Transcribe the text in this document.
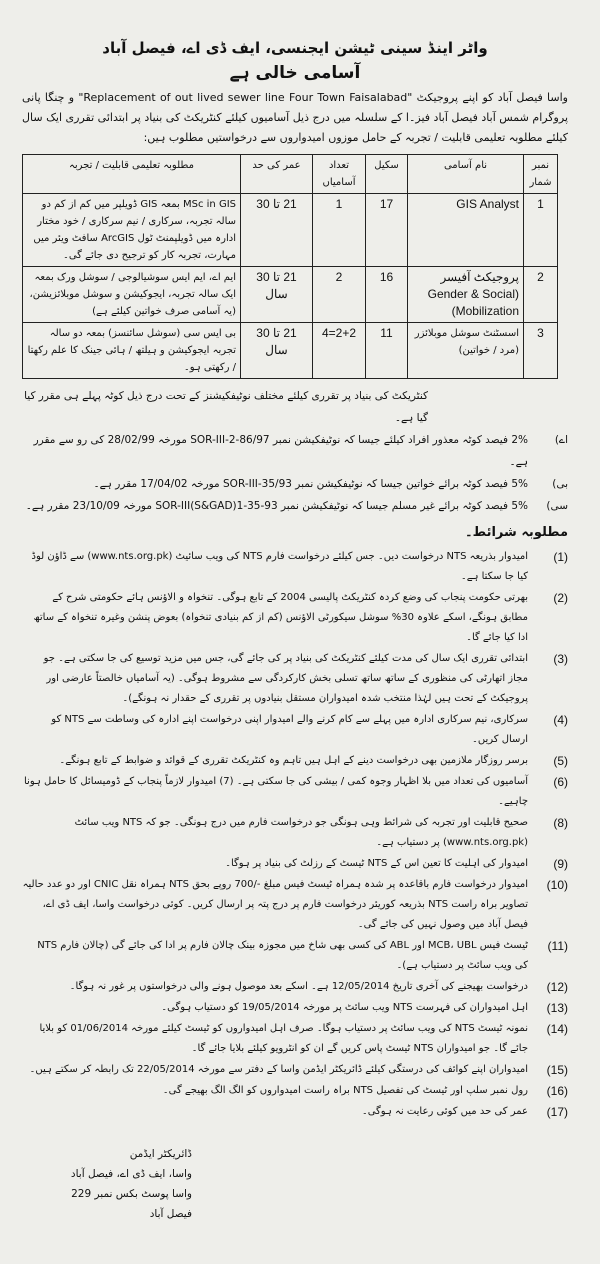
واٹر اینڈ سینی ٹیشن ایجنسی، ایف ڈی اے، فیصل آباد
آسامی خالی ہے
واسا فیصل آباد کو اپنے پروجیکٹ "Replacement of out lived sewer line Four Town Faisalabad" و چنگا پانی پروگرام شمس آباد فیصل آباد فیز۔ا کے سلسلہ میں درج ذیل آسامیوں کیلئے کنٹریکٹ کی بنیاد پر ابتدائی تقرری ایک سال کیلئے مطلوبہ تعلیمی قابلیت / تجربہ کے حامل موزوں امیدواروں سے درخواستیں مطلوب ہیں:
نمبر شمار	نام آسامی	سکیل	تعداد آسامیاں	عمر کی حد	مطلوبہ تعلیمی قابلیت / تجربہ
1	GIS Analyst	17	1	21 تا 30	MSc in GIS بمعہ GIS ڈویلپر میں کم از کم دو سالہ تجربہ، سرکاری / نیم سرکاری / خود مختار ادارہ میں ڈویلپمنٹ ٹول ArcGIS سافٹ ویئر میں مہارت، تجربہ کار کو ترجیح دی جائے گی۔
2	پروجیکٹ آفیسر (Gender & Social Mobilization)	16	2	21 تا 30 سال	ایم اے، ایم ایس سوشیالوجی / سوشل ورک بمعہ ایک سالہ تجربہ، ایجوکیشن و سوشل موبلائزیشن، (یہ آسامی صرف خواتین کیلئے ہے)
3	اسسٹنٹ سوشل موبلائزر (مرد / خواتین)	11	2+2=4	21 تا 30 سال	بی ایس سی (سوشل سائنسز) بمعہ دو سالہ تجربہ ایجوکیشن و ہیلتھ / ہائی جینک کا علم رکھتا / رکھتی ہو۔
کنٹریکٹ کی بنیاد پر تقرری کیلئے مختلف نوٹیفکیشنز کے تحت درج ذیل کوٹہ پہلے ہی مقرر کیا گیا ہے۔
اے)
2% فیصد کوٹہ معذور افراد کیلئے جیسا کہ نوٹیفکیشن نمبر SOR-III-2-86/97 مورخہ 28/02/99 کی رو سے مقرر ہے۔
بی)
5% فیصد کوٹہ برائے خواتین جیسا کہ نوٹیفکیشن نمبر SOR-III-35/93 مورخہ 17/04/02 مقرر ہے۔
سی)
5% فیصد کوٹہ برائے غیر مسلم جیسا کہ نوٹیفکیشن نمبر SOR-III(S&GAD)1-35-93 مورخہ 23/10/09 مقرر ہے۔
مطلوبہ شرائط۔
(1)
امیدوار بذریعہ NTS درخواست دیں۔ جس کیلئے درخواست فارم NTS کی ویب سائیٹ (www.nts.org.pk) سے ڈاؤن لوڈ کیا جا سکتا ہے۔
(2)
بھرتی حکومت پنجاب کی وضع کردہ کنٹریکٹ پالیسی 2004 کے تابع ہوگی۔ تنخواہ و الاؤنس ہائے حکومتی شرح کے مطابق ہونگے، اسکے علاوہ 30% سوشل سیکورٹی الاؤنس (کم از کم بنیادی تنخواہ) بعوض پنشن وغیرہ تنخواہ کے ساتھ ادا کیا جائے گا۔
(3)
ابتدائی تقرری ایک سال کی مدت کیلئے کنٹریکٹ کی بنیاد پر کی جائے گی، جس میں مزید توسیع کی جا سکتی ہے۔ جو مجاز اتھارٹی کی منظوری کے ساتھ ساتھ تسلی بخش کارکردگی سے مشروط ہوگی۔ (یہ آسامیاں خالصتاً عارضی اور پروجیکٹ کے تحت ہیں لہٰذا منتخب شدہ امیدواران مستقل بنیادوں پر تقرری کے حقدار نہ ہونگے)۔
(4)
سرکاری، نیم سرکاری ادارہ میں پہلے سے کام کرنے والے امیدوار اپنی درخواست اپنے ادارہ کی وساطت سے NTS کو ارسال کریں۔
(5)
برسر روزگار ملازمین بھی درخواست دینے کے اہل ہیں تاہم وہ کنٹریکٹ تقرری کے قوائد و ضوابط کے تابع ہونگے۔
(6)
آسامیوں کی تعداد میں بلا اظہار وجوہ کمی / بیشی کی جا سکتی ہے۔ (7) امیدوار لازماً پنجاب کے ڈومیسائل کا حامل ہونا چاہیے۔
(8)
صحیح قابلیت اور تجربہ کی شرائط وہی ہونگی جو درخواست فارم میں درج ہونگی۔ جو کہ NTS ویب سائٹ (www.nts.org.pk) پر دستیاب ہے۔
(9)
امیدوار کی اہلیت کا تعین اس کے NTS ٹیسٹ کے رزلٹ کی بنیاد پر ہوگا۔
(10)
امیدوار درخواست فارم باقاعدہ پر شدہ ہمراہ ٹیسٹ فیس مبلغ -/700 روپے بحق NTS ہمراہ نقل CNIC اور دو عدد حالیہ تصاویر براہ راست NTS بذریعہ کوریئر درخواست فارم پر درج پتہ پر ارسال کریں۔ کوئی درخواست واسا، ایف ڈی اے، فیصل آباد میں وصول نہیں کی جائے گی۔
(11)
ٹیسٹ فیس MCB، UBL اور ABL کی کسی بھی شاخ میں مجوزہ بینک چالان فارم پر ادا کی جائے گی (چالان فارم NTS کی ویب سائٹ پر دستیاب ہے)۔
(12)
درخواست بھیجنے کی آخری تاریخ 12/05/2014 ہے۔ اسکے بعد موصول ہونے والی درخواستوں پر غور نہ ہوگا۔
(13)
اہل امیدواران کی فہرست NTS ویب سائٹ پر مورخہ 19/05/2014 کو دستیاب ہوگی۔
(14)
نمونہ ٹیسٹ NTS کی ویب سائٹ پر دستیاب ہوگا۔ صرف اہل امیدواروں کو ٹیسٹ کیلئے مورخہ 01/06/2014 کو بلایا جائے گا۔ جو امیدواران NTS ٹیسٹ پاس کریں گے ان کو انٹرویو کیلئے بلایا جائے گا۔
(15)
امیدواران اپنے کوائف کی درستگی کیلئے ڈائریکٹر ایڈمن واسا کے دفتر سے مورخہ 22/05/2014 تک رابطہ کر سکتے ہیں۔
(16)
رول نمبر سلپ اور ٹیسٹ کی تفصیل NTS براہ راست امیدواروں کو الگ الگ بھیجے گی۔
(17)
عمر کی حد میں کوئی رعایت نہ ہوگی۔
ڈائریکٹر ایڈمن
واسا، ایف ڈی اے، فیصل آباد
واسا پوسٹ بکس نمبر 229 فیصل آباد
